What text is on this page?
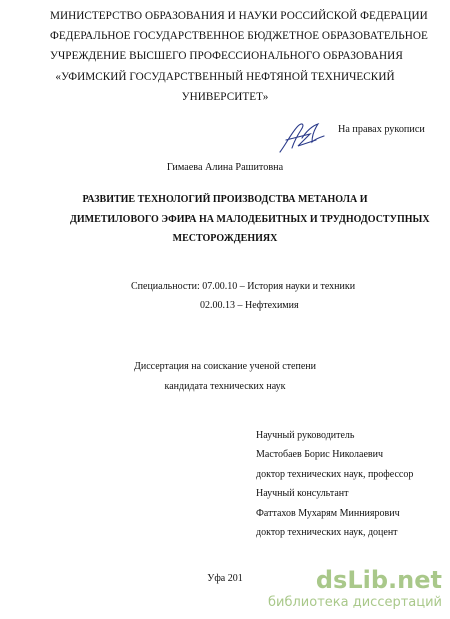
МИНИСТЕРСТВО ОБРАЗОВАНИЯ И НАУКИ РОССИЙСКОЙ ФЕДЕРАЦИИ
ФЕДЕРАЛЬНОЕ ГОСУДАРСТВЕННОЕ БЮДЖЕТНОЕ ОБРАЗОВАТЕЛЬНОЕ
УЧРЕЖДЕНИЕ ВЫСШЕГО ПРОФЕССИОНАЛЬНОГО ОБРАЗОВАНИЯ
«УФИМСКИЙ ГОСУДАРСТВЕННЫЙ НЕФТЯНОЙ ТЕХНИЧЕСКИЙ
УНИВЕРСИТЕТ»
На правах рукописи
Гимаева Алина Рашитовна
РАЗВИТИЕ ТЕХНОЛОГИЙ ПРОИЗВОДСТВА МЕТАНОЛА И
ДИМЕТИЛОВОГО ЭФИРА НА МАЛОДЕБИТНЫХ И ТРУДНОДОСТУПНЫХ
МЕСТОРОЖДЕНИЯХ
Специальности: 07.00.10 – История науки и техники
02.00.13 – Нефтехимия
Диссертация на соискание ученой степени
кандидата технических наук
Научный руководитель
Мастобаев Борис Николаевич
доктор технических наук, профессор
Научный консультант
Фаттахов Мухарям Минниярович
доктор технических наук, доцент
Уфа 201	dsLib.net
библиотека диссертаций
